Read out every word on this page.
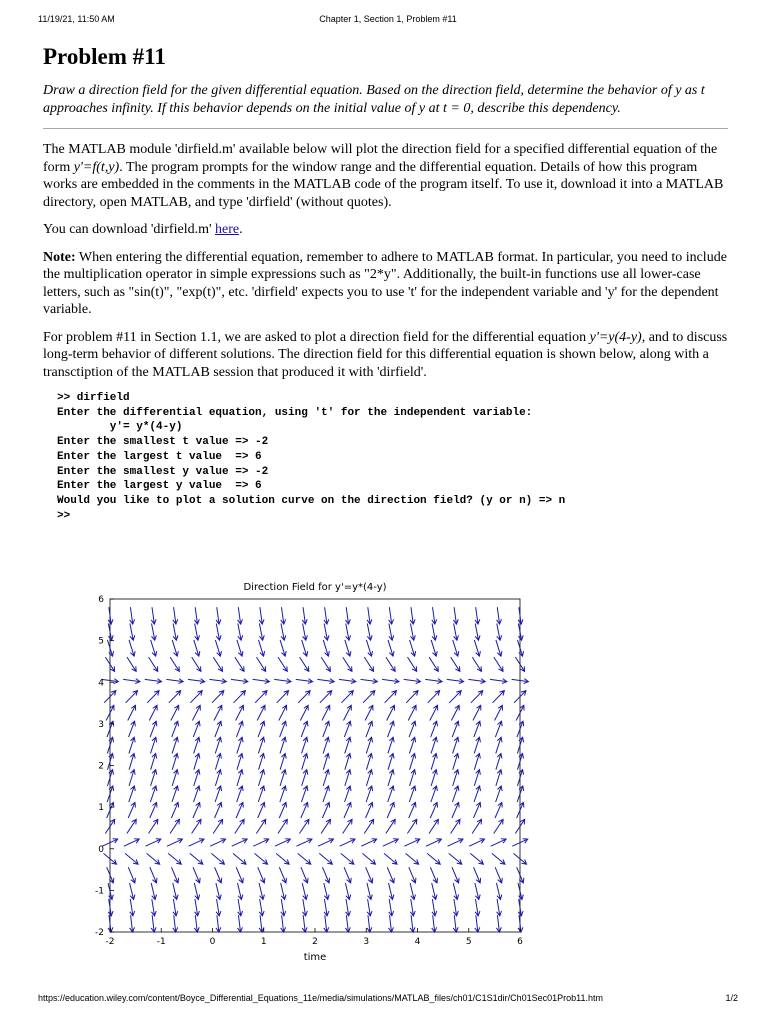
11/19/21, 11:50 AM	Chapter 1, Section 1, Problem #11
Problem #11

Draw a direction field for the given differential equation. Based on the direction field, determine the behavior of y as t approaches infinity. If this behavior depends on the initial value of y at t = 0, describe this dependency.

The MATLAB module 'dirfield.m' available below will plot the direction field for a specified differential equation of the form y'=f(t,y). The program prompts for the window range and the differential equation. Details of how this program works are embedded in the comments in the MATLAB code of the program itself. To use it, download it into a MATLAB directory, open MATLAB, and type 'dirfield' (without quotes).

You can download 'dirfield.m' here.

Note: When entering the differential equation, remember to adhere to MATLAB format. In particular, you need to include the multiplication operator in simple expressions such as "2*y". Additionally, the built-in functions use all lower-case letters, such as "sin(t)", "exp(t)", etc. 'dirfield' expects you to use 't' for the independent variable and 'y' for the dependent variable.

For problem #11 in Section 1.1, we are asked to plot a direction field for the differential equation y'=y(4-y), and to discuss long-term behavior of different solutions. The direction field for this differential equation is shown below, along with a transctiption of the MATLAB session that produced it with 'dirfield'.

>> dirfield
Enter the differential equation, using 't' for the independent variable:
y'= y*(4-y)
Enter the smallest t value => -2
Enter the largest t value  => 6
Enter the smallest y value => -2
Enter the largest y value  => 6
Would you like to plot a solution curve on the direction field? (y or n) => n
>>
Direction Field for y'=y*(4-y)
-2	-1	0	1	2	3	4	5	6
-2
-1
0
1
2
3
4
5
6
time
https://education.wiley.com/content/Boyce_Differential_Equations_11e/media/simulations/MATLAB_files/ch01/C1S1dir/Ch01Sec01Prob11.htm	1/2
